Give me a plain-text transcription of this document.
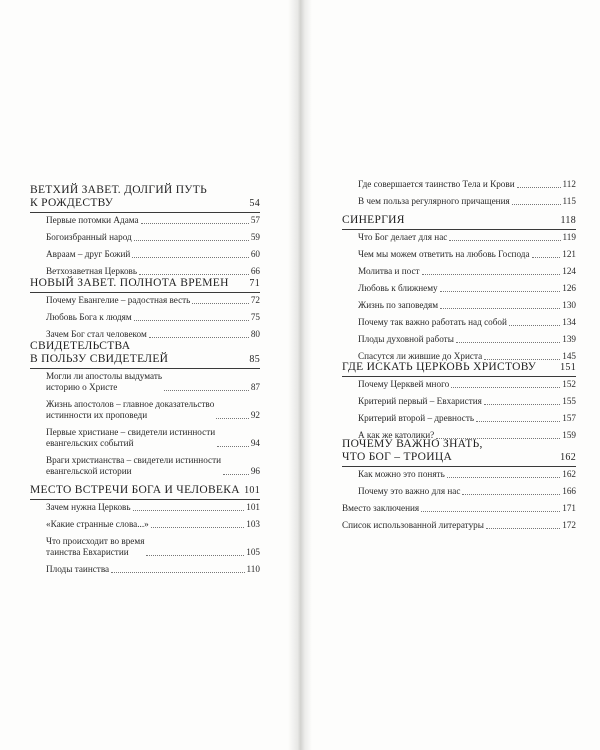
ВЕТХИЙ ЗАВЕТ. ДОЛГИЙ ПУТЬ
К РОЖДЕСТВУ	54
Первые потомки Адама	57
Богоизбранный народ	59
Авраам – друг Божий	60
Ветхозаветная Церковь	66
НОВЫЙ ЗАВЕТ. ПОЛНОТА ВРЕМЕН	71
Почему Евангелие – радостная весть	72
Любовь Бога к людям	75
Зачем Бог стал человеком	80
СВИДЕТЕЛЬСТВА
В ПОЛЬЗУ СВИДЕТЕЛЕЙ	85
Могли ли апостолы выдумать
историю о Христе	87
Жизнь апостолов – главное доказательство
истинности их проповеди	92
Первые христиане – свидетели истинности
евангельских событий	94
Враги христианства – свидетели истинности
евангельской истории	96
МЕСТО ВСТРЕЧИ БОГА И ЧЕЛОВЕКА 101
Зачем нужна Церковь	101
«Какие странные слова...»	103
Что происходит во время
таинства Евхаристии	105
Плоды таинства	110
Где совершается таинство Тела и Крови	112
В чем польза регулярного причащения	115
СИНЕРГИЯ	118
Что Бог делает для нас	119
Чем мы можем ответить на любовь Господа	121
Молитва и пост	124
Любовь к ближнему	126
Жизнь по заповедям	130
Почему так важно работать над собой	134
Плоды духовной работы	139
Спасутся ли жившие до Христа	145
ГДЕ ИСКАТЬ ЦЕРКОВЬ ХРИСТОВУ	151
Почему Церквей много	152
Критерий первый – Евхаристия	155
Критерий второй – древность	157
А как же католики?	159
ПОЧЕМУ ВАЖНО ЗНАТЬ,
ЧТО БОГ – ТРОИЦА	162
Как можно это понять	162
Почему это важно для нас	166
Вместо заключения	171
Список использованной литературы	172
